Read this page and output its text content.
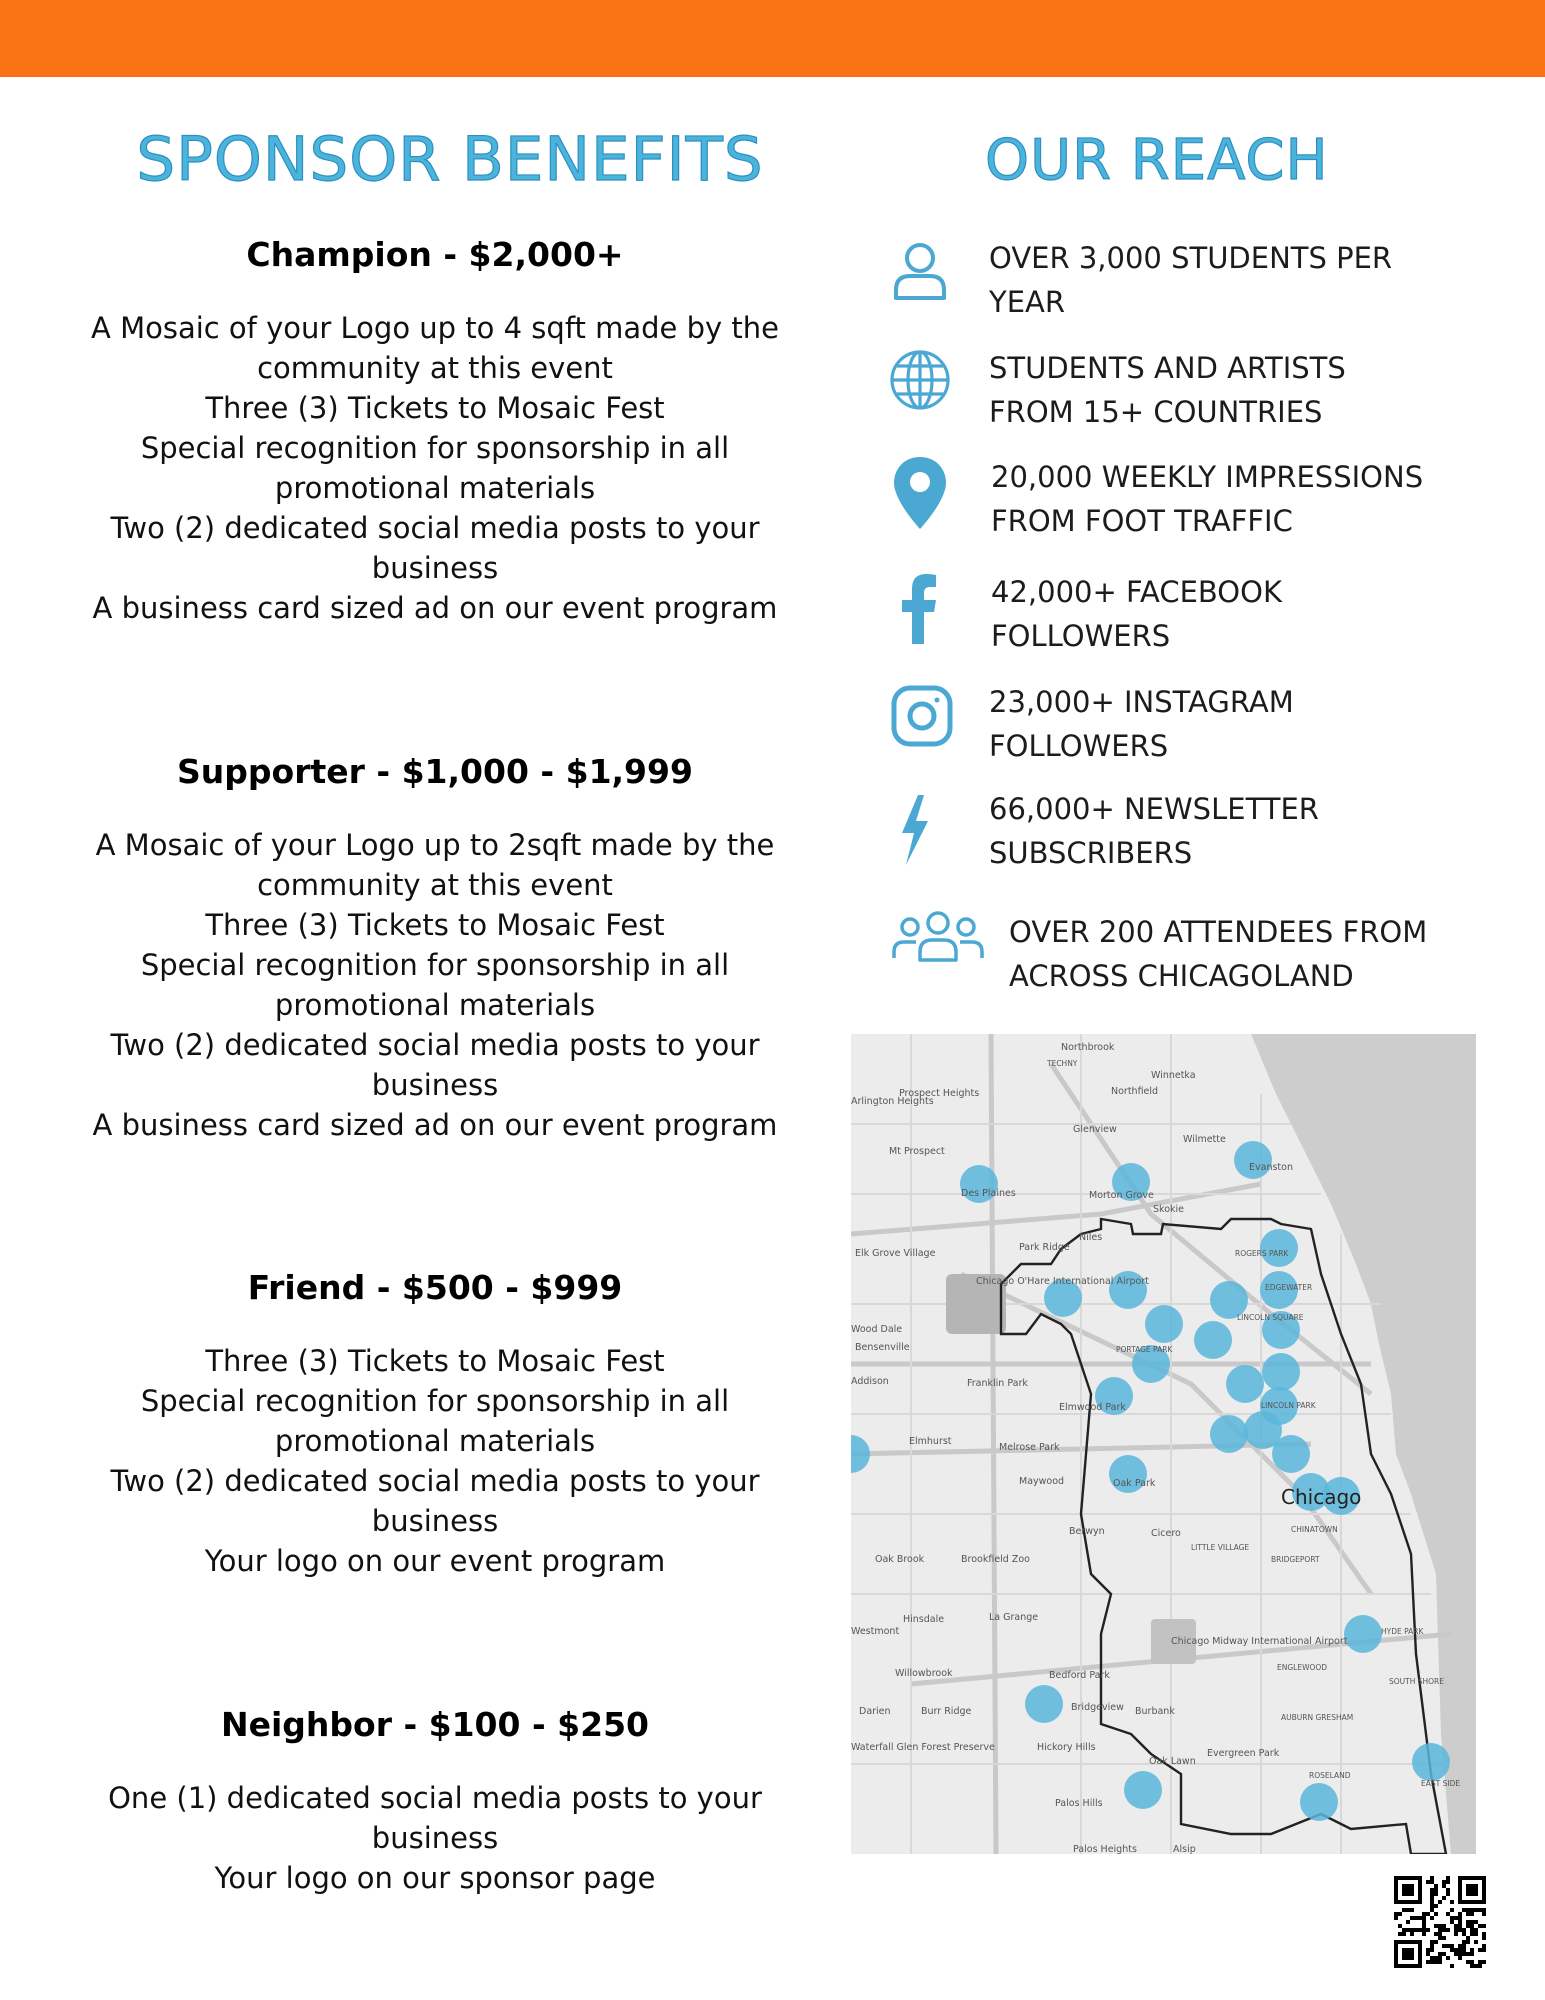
SPONSOR BENEFITS	OUR REACH
Champion - $2,000+
A Mosaic of your Logo up to 4 sqft made by the community at this event
Three (3) Tickets to Mosaic Fest
Special recognition for sponsorship in all promotional materials
Two (2) dedicated social media posts to your business
A business card sized ad on our event program
Supporter - $1,000 - $1,999
A Mosaic of your Logo up to 2sqft made by the community at this event
Three (3) Tickets to Mosaic Fest
Special recognition for sponsorship in all promotional materials
Two (2) dedicated social media posts to your business
A business card sized ad on our event program
Friend - $500 - $999
Three (3) Tickets to Mosaic Fest
Special recognition for sponsorship in all promotional materials
Two (2) dedicated social media posts to your business
Your logo on our event program
Neighbor - $100 - $250
One (1) dedicated social media posts to your business
Your logo on our sponsor page
OVER 3,000 STUDENTS PER
YEAR
STUDENTS AND ARTISTS
FROM 15+ COUNTRIES
20,000 WEEKLY IMPRESSIONS
FROM FOOT TRAFFIC
42,000+ FACEBOOK
FOLLOWERS
23,000+ INSTAGRAM
FOLLOWERS
66,000+ NEWSLETTER
SUBSCRIBERS
OVER 200 ATTENDEES FROM
ACROSS CHICAGOLAND
Northbrook
TECHNY
Winnetka
Northfield
Prospect Heights
Arlington Heights
Glenview
Wilmette
Mt Prospect
Evanston
Des Plaines	Morton Grove
Skokie
Niles
Park Ridge
Elk Grove Village
Chicago O'Hare International Airport
ROGERS PARK
EDGEWATER
LINCOLN SQUARE
Wood Dale
Bensenville	PORTAGE PARK
Addison	Franklin Park
Elmwood Park	LINCOLN PARK
Elmhurst
Melrose Park
Chicago
Maywood	Oak Park
Berwyn	Cicero
LITTLE VILLAGE
CHINATOWN
BRIDGEPORT
Oak Brook	Brookfield Zoo
Hinsdale	La Grange
Westmont
Chicago Midway International Airport
HYDE PARK
Willowbrook	Bedford Park
ENGLEWOOD
SOUTH SHORE
Darien	Burr Ridge	Bridgeview Burbank
AUBURN GRESHAM
Waterfall Glen Forest Preserve	Hickory Hills
Oak Lawn
Evergreen Park
ROSELAND
EAST SIDE
Palos Hills
Palos Heights	Alsip
